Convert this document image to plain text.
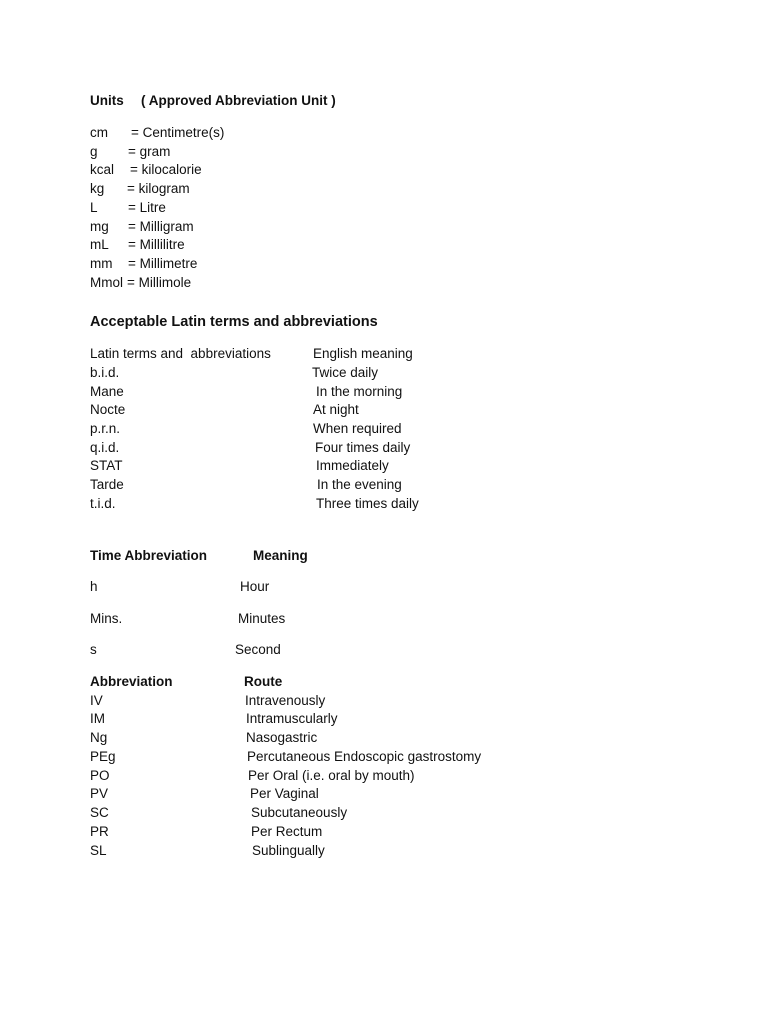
Units ( Approved Abbreviation Unit )
cm = Centimetre(s)
g = gram
kcal = kilocalorie
kg = kilogram
L = Litre
mg = Milligram
mL = Millilitre
mm = Millimetre
Mmol = Millimole
Acceptable Latin terms and abbreviations
Latin terms and  abbreviations	English meaning
b.i.d.	Twice daily
Mane	In the morning
Nocte	At night
p.r.n.	When required
q.i.d.	Four times daily
STAT	Immediately
Tarde	In the evening
t.i.d.	Three times daily
Time Abbreviation	Meaning
h	Hour
Mins.	Minutes
s	Second
Abbreviation	Route
IV	Intravenously
IM	Intramuscularly
Ng	Nasogastric
PEg	Percutaneous Endoscopic gastrostomy
PO	Per Oral (i.e. oral by mouth)
PV	Per Vaginal
SC	Subcutaneously
PR	Per Rectum
SL	Sublingually
